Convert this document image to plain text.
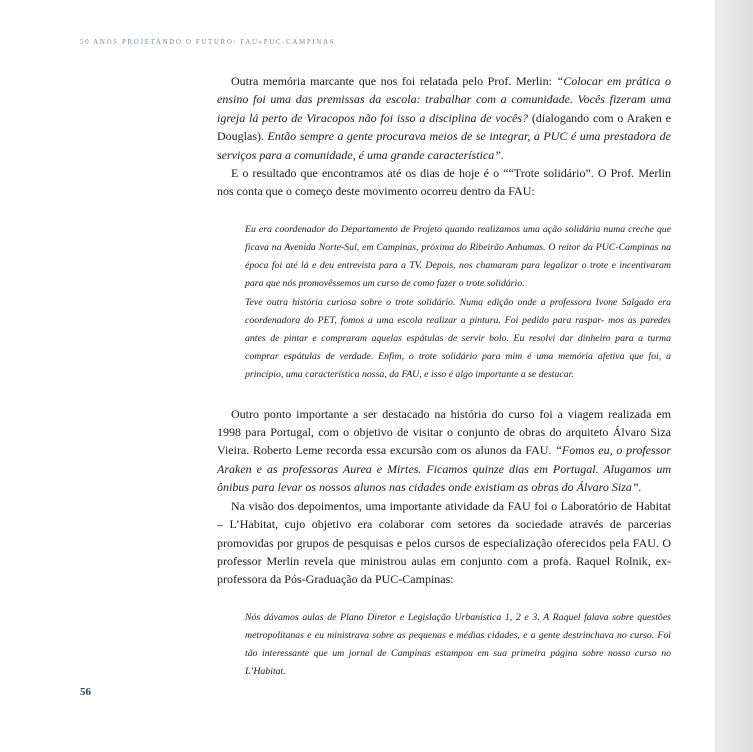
50 ANOS PROJETANDO O FUTURO: FAU»PUC-CAMPINAS

Outra memória marcante que nos foi relatada pelo Prof. Merlin: “Colocar em prática o ensino foi uma das premissas da escola: trabalhar com a comunidade. Vocês fizeram uma igreja lá perto de Viracopos não foi isso a disciplina de vocês? (dialogando com o Araken e Douglas). Então sempre a gente procurava meios de se integrar, a PUC é uma prestadora de serviços para a comunidade, é uma grande característica”.

E o resultado que encontramos até os dias de hoje é o ““Trote solidário”. O Prof. Merlin nos conta que o começo deste movimento ocorreu dentro da FAU:

Eu era coordenador do Departamento de Projeto quando realizamos uma ação solidária numa creche que ficava na Avenida Norte-Sul, em Campinas, próxima do Ribeirão Anhumas. O reitor da PUC-Campinas na época foi até lá e deu entrevista para a TV. Depois, nos chamaram para legalizar o trote e incentivaram para que nós promovêssemos um curso de como fazer o trote solidário.

Teve outra história curiosa sobre o trote solidário. Numa edição onde a professora Ivone Salgado era coordenadora do PET, fomos a uma escola realizar a pintura. Foi pedido para raspar- mos as paredes antes de pintar e compraram aquelas espátulas de servir bolo. Eu resolvi dar dinheiro para a turma comprar espátulas de verdade. Enfim, o trote solidário para mim é uma memória afetiva que foi, a princípio, uma característica nossa, da FAU, e isso é algo importante a se destacar.

Outro ponto importante a ser destacado na história do curso foi a viagem realizada em 1998 para Portugal, com o objetivo de visitar o conjunto de obras do arquiteto Álvaro Siza Vieira. Roberto Leme recorda essa excursão com os alunos da FAU. “Fomos eu, o professor Araken e as professoras Aurea e Mirtes. Ficamos quinze dias em Portugal. Alugamos um ônibus para levar os nossos alunos nas cidades onde existiam as obras do Álvaro Siza”.

Na visão dos depoimentos, uma importante atividade da FAU foi o Laboratório de Habitat – L’Habitat, cujo objetivo era colaborar com setores da sociedade através de parcerias promovidas por grupos de pesquisas e pelos cursos de especialização oferecidos pela FAU. O professor Merlin revela que ministrou aulas em conjunto com a profa. Raquel Rolnik, ex-professora da Pós-Graduação da PUC-Campinas:

Nós dávamos aulas de Plano Diretor e Legislação Urbanística 1, 2 e 3. A Raquel falava sobre questões metropolitanas e eu ministrava sobre as pequenas e médias cidades, e a gente destrinchava no curso. Foi tão interessante que um jornal de Campinas estampou em sua primeira página sobre nosso curso no L’Habitat.

56
